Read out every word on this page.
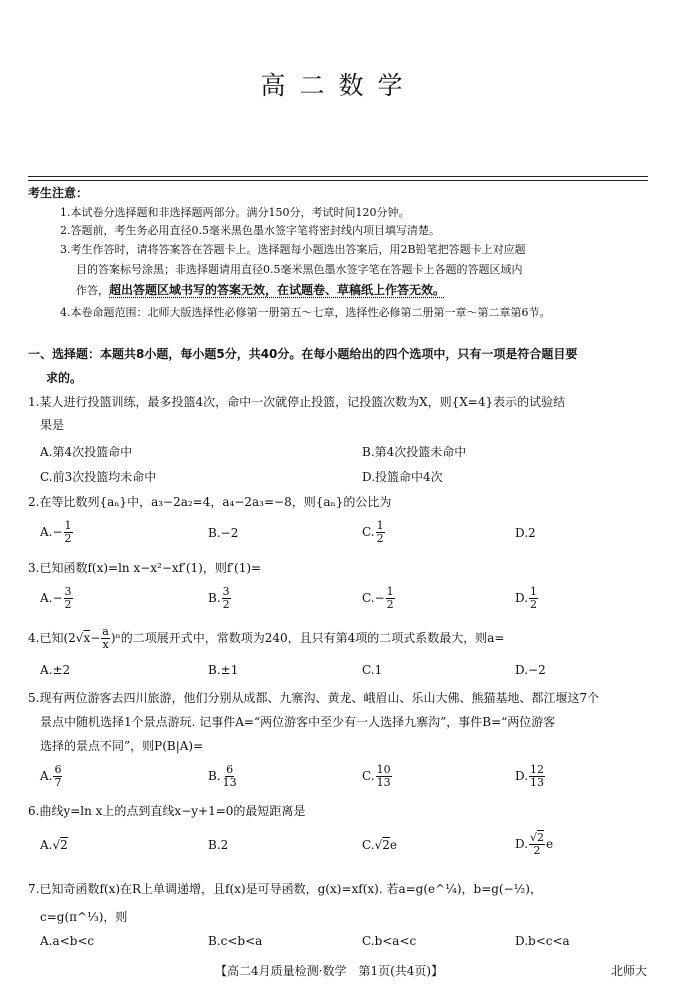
高二数学
考生注意：
1.本试卷分选择题和非选择题两部分。满分150分，考试时间120分钟。
2.答题前，考生务必用直径0.5毫米黑色墨水签字笔将密封线内项目填写清楚。
3.考生作答时，请将答案答在答题卡上。选择题每小题选出答案后，用2B铅笔把答题卡上对应题
目的答案标号涂黑；非选择题请用直径0.5毫米黑色墨水签字笔在答题卡上各题的答题区域内
作答，超出答题区域书写的答案无效，在试题卷、草稿纸上作答无效。
4.本卷命题范围：北师大版选择性必修第一册第五～七章，选择性必修第二册第一章～第二章第6节。
一、选择题：本题共8小题，每小题5分，共40分。在每小题给出的四个选项中，只有一项是符合题目要
求的。
1.某人进行投篮训练，最多投篮4次，命中一次就停止投篮，记投篮次数为X，则{X=4}表示的试验结
果是
A.第4次投篮命中	B.第4次投篮未命中
C.前3次投篮均未命中	D.投篮命中4次
2.在等比数列{aₙ}中，a₃−2a₂=4，a₄−2a₃=−8，则{aₙ}的公比为
$A.- \frac{1}{2}$	B.−2	C. $\frac{1}{2}$	D.2
3.已知函数f(x)=ln x−x²−xf′(1)，则f′(1)=
$A.- \frac{3}{2}$	B. $\frac{3}{2}$	$C.- \frac{1}{2}$	D. $\frac{1}{2}$
4.已知$(2√x- \frac{a}{x} )^n$的二项展开式中，常数项为240，且只有第4项的二项式系数最大，则a=
A.±2	B.±1	C.1	D.−2
5.现有两位游客去四川旅游，他们分别从成都、九寨沟、黄龙、峨眉山、乐山大佛、熊猫基地、都江堰这7个
景点中随机选择1个景点游玩. 记事件A=“两位游客中至少有一人选择九寨沟”，事件B=“两位游客
选择的景点不同”，则P(B|A)=
A. $\frac{6}{7}$	B. $\frac{6}{13}$	C. $\frac{10}{13}$	D. $\frac{12}{13}$
6.曲线y=ln x上的点到直线x−y+1=0的最短距离是
A.√2	B.2	C.√2e	D. $\frac{√2}{2}$ e
7.已知奇函数f(x)在R上单调递增，且f(x)是可导函数，g(x)=xf(x). 若a=g(e^¼)，b=g(−½)，
c=g(π^⅓)，则
A.a<b<c	B.c<b<a	C.b<a<c	D.b<c<a
【高二4月质量检测·数学　第1页(共4页)】	北师大
